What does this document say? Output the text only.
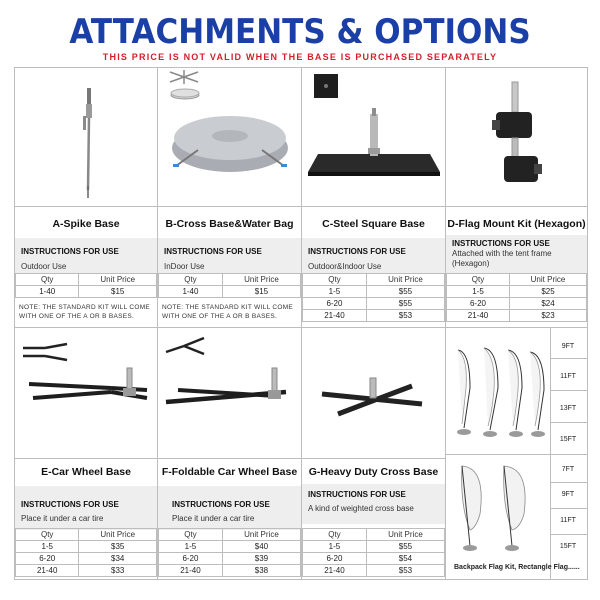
ATTACHMENTS & OPTIONS
THIS PRICE IS NOT VALID WHEN THE BASE IS PURCHASED SEPARATELY
A-Spike Base
INSTRUCTIONS FOR USE
Outdoor Use
Qty	Unit Price
1-40	$15
NOTE: THE STANDARD KIT WILL COME WITH ONE OF THE A OR B BASES.
B-Cross Base&Water Bag
INSTRUCTIONS FOR USE
InDoor Use
Qty	Unit Price
1-40	$15
NOTE: THE STANDARD KIT WILL COME WITH ONE OF THE A OR B BASES.
C-Steel Square Base
INSTRUCTIONS FOR USE
Outdoor&Indoor Use
Qty	Unit Price
1-5	$55
6-20	$55
21-40	$53
D-Flag Mount Kit (Hexagon)
INSTRUCTIONS FOR USE
Attached with the tent frame (Hexagon)
Qty	Unit Price
1-5	$25
6-20	$24
21-40	$23
E-Car Wheel Base
INSTRUCTIONS FOR USE
Place it under a car tire
Qty	Unit Price
1-5	$35
6-20	$34
21-40	$33
F-Foldable Car Wheel Base
INSTRUCTIONS FOR USE
Place it under a car tire
Qty	Unit Price
1-5	$40
6-20	$39
21-40	$38
G-Heavy Duty Cross Base
INSTRUCTIONS FOR USE
A kind of weighted cross base
Qty	Unit Price
1-5	$55
6-20	$54
21-40	$53
9FT
11FT
13FT
15FT
7FT
9FT
11FT
15FT
Backpack Flag Kit, Rectangle Flag......
